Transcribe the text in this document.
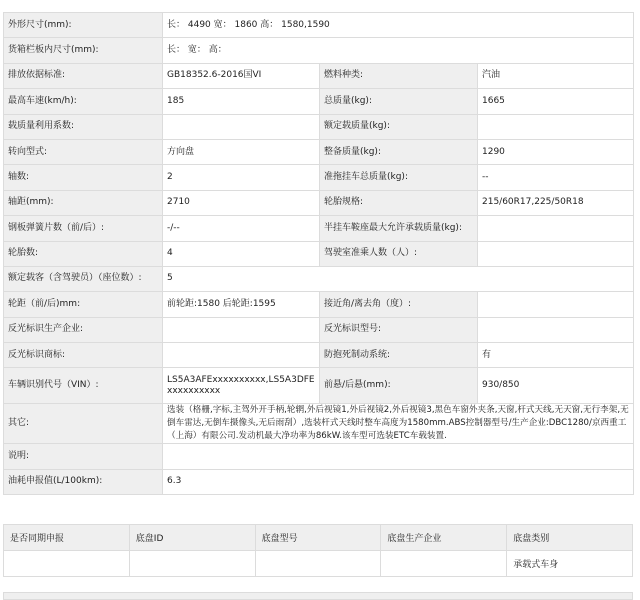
外形尺寸(mm):	长： 4490 宽： 1860 高： 1580,1590		
货箱栏板内尺寸(mm):	长： 宽： 高：		
排放依据标准:	GB18352.6-2016国VI	燃料种类:	汽油
最高车速(km/h):	185	总质量(kg):	1665
载质量利用系数:		额定载质量(kg):	
转向型式:	方向盘	整备质量(kg):	1290
轴数:	2	准拖挂车总质量(kg):	--
轴距(mm):	2710	轮胎规格:	215/60R17,225/50R18
钢板弹簧片数（前/后）:	-/--	半挂车鞍座最大允许承载质量(kg):	
轮胎数:	4	驾驶室准乘人数（人）:	
额定载客（含驾驶员）（座位数）:	5		
轮距（前/后)mm:	前轮距:1580 后轮距:1595	接近角/离去角（度）:	
反光标识生产企业:		反光标识型号:	
反光标识商标:		防抱死制动系统:	有
车辆识别代号（VIN）:	LS5A3AFExxxxxxxxxx,LS5A3DFE
xxxxxxxxxx	前悬/后悬(mm):	930/850
其它:	选装（格栅,字标,主驾外开手柄,轮辋,外后视镜1,外后视镜2,外后视镜3,黑色车窗外夹条,天窗,杆式天线,无天窗,无行李架,无倒车雷达,无倒车摄像头,无后雨刮）,选装杆式天线时整车高度为1580mm.ABS控制器型号/生产企业:DBC1280/京西重工（上海）有限公司.发动机最大净功率为86kW.该车型可选装ETC车载装置.		
说明:			
油耗申报值(L/100km):	6.3		
是否同期申报	底盘ID	底盘型号	底盘生产企业	底盘类别
				承载式车身
